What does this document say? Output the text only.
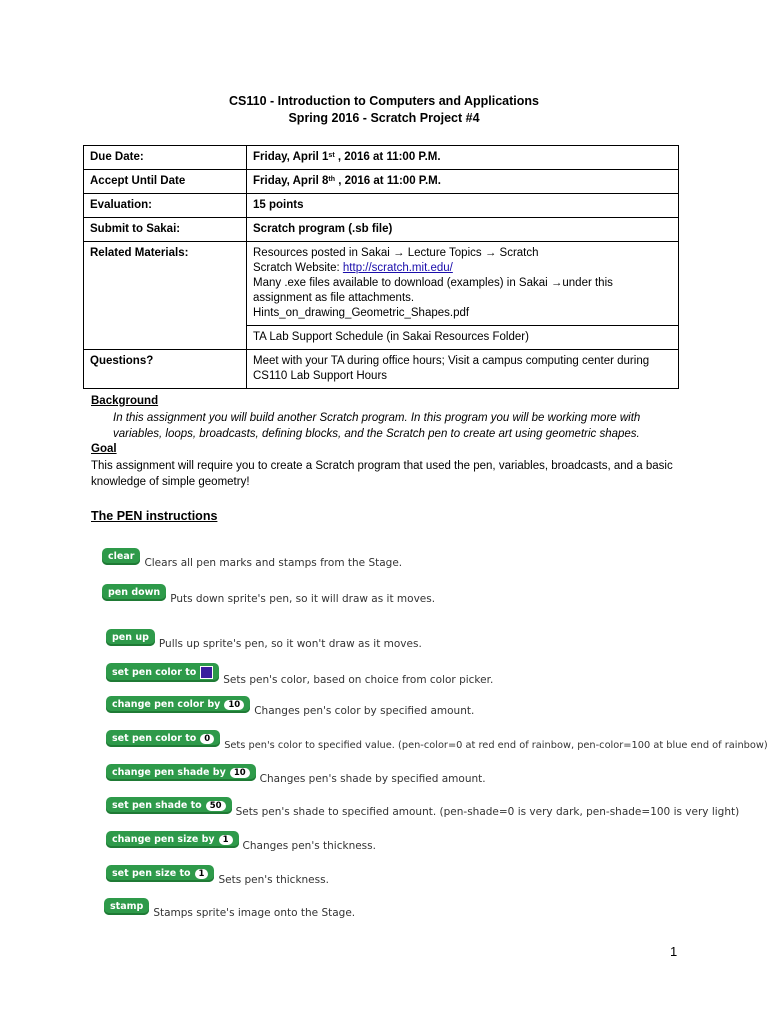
CS110 - Introduction to Computers and Applications
Spring 2016 - Scratch Project #4
Due Date:	Friday, April 1st , 2016 at 11:00 P.M.
Accept Until Date	Friday, April 8th , 2016 at 11:00 P.M.
Evaluation:	15 points
Submit to Sakai:	Scratch program (.sb file)
Related Materials:	Resources posted in Sakai → Lecture Topics → Scratch
Scratch Website: http://scratch.mit.edu/
Many .exe files available to download (examples) in Sakai →under this assignment as file attachments.
Hints_on_drawing_Geometric_Shapes.pdf

	TA Lab Support Schedule (in Sakai Resources Folder)
Questions?	Meet with your TA during office hours; Visit a campus computing center during CS110 Lab Support Hours
Background
In this assignment you will build another Scratch program. In this program you will be working more with variables, loops, broadcasts, defining blocks, and the Scratch pen to create art using geometric shapes.
Goal
This assignment will require you to create a Scratch program that used the pen, variables, broadcasts, and a basic knowledge of simple geometry!
The PEN instructions
clear
Clears all pen marks and stamps from the Stage.
pen down
Puts down sprite's pen, so it will draw as it moves.
pen up
Pulls up sprite's pen, so it won't draw as it moves.
set pen color to
Sets pen's color, based on choice from color picker.
change pen color by 10
Changes pen's color by specified amount.
set pen color to 0
Sets pen's color to specified value. (pen-color=0 at red end of rainbow, pen-color=100 at blue end of rainbow)
change pen shade by 10
Changes pen's shade by specified amount.
set pen shade to 50
Sets pen's shade to specified amount. (pen-shade=0 is very dark, pen-shade=100 is very light)
change pen size by 1
Changes pen's thickness.
set pen size to 1
Sets pen's thickness.
stamp
Stamps sprite's image onto the Stage.
1
